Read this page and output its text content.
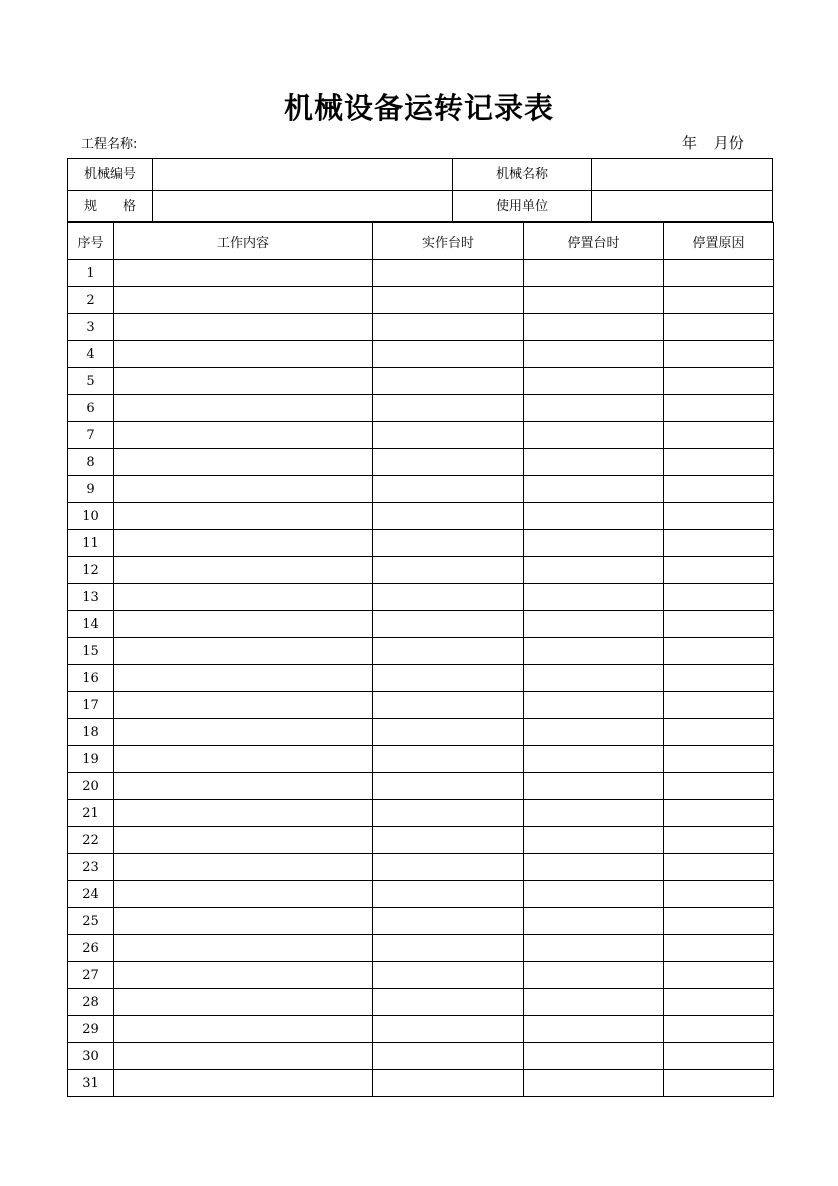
机械设备运转记录表
工程名称:	年 月份
机械编号	机械名称
规　　格	使用单位
序号	工作内容	实作台时	停置台时	停置原因
1				
2				
3				
4				
5				
6				
7				
8				
9				
10				
11				
12				
13				
14				
15				
16				
17				
18				
19				
20				
21				
22				
23				
24				
25				
26				
27				
28				
29				
30				
31				
